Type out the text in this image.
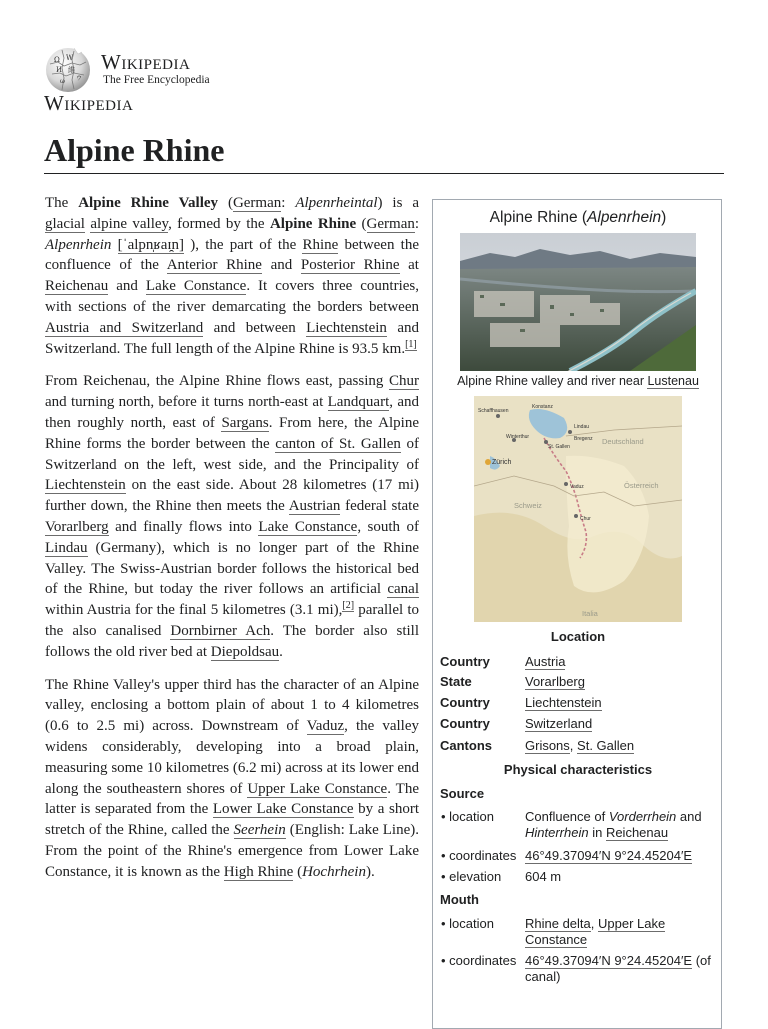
Ω W
И 維
ウ
ω
Wikipedia
The Free Encyclopedia
Wikipedia
Alpine Rhine

The Alpine Rhine Valley (German: Alpenrheintal) is a glacial alpine valley, formed by the Alpine Rhine (German: Alpenrhein [ˈalpn̩ʁaɪ̯n] ), the part of the Rhine between the confluence of the Anterior Rhine and Posterior Rhine at Reichenau and Lake Constance. It covers three countries, with sections of the river demarcating the borders between Austria and Switzerland and between Liechtenstein and Switzerland. The full length of the Alpine Rhine is 93.5 km.[1]

From Reichenau, the Alpine Rhine flows east, passing Chur and turning north, before it turns north-east at Landquart, and then roughly north, east of Sargans. From here, the Alpine Rhine forms the border between the canton of St. Gallen of Switzerland on the left, west side, and the Principality of Liechtenstein on the east side. About 28 kilometres (17 mi) further down, the Rhine then meets the Austrian federal state Vorarlberg and finally flows into Lake Constance, south of Lindau (Germany), which is no longer part of the Rhine Valley. The Swiss-Austrian border follows the historical bed of the Rhine, but today the river follows an artificial canal within Austria for the final 5 kilometres (3.1 mi),[2] parallel to the also canalised Dornbirner Ach. The border also still follows the old river bed at Diepoldsau.

The Rhine Valley's upper third has the character of an Alpine valley, enclosing a bottom plain of about 1 to 4 kilometres (0.6 to 2.5 mi) across. Downstream of Vaduz, the valley widens considerably, developing into a broad plain, measuring some 10 kilometres (6.2 mi) across at its lower end along the southeastern shores of Upper Lake Constance. The latter is separated from the Lower Lake Constance by a short stretch of the Rhine, called the Seerhein (English: Lake Line). From the point of the Rhine's emergence from Lower Lake Constance, it is known as the High Rhine (Hochrhein).

Alpine Rhine (Alpenrhein)
Alpine Rhine valley and river near Lustenau
Deutschland
Österreich
Schweiz
Italia
Zürich
Schaffhausen
Winterthur
Konstanz
St. Gallen
Lindau
Bregenz
Vaduz
Chur
Location
Country	Austria
State	Vorarlberg
Country	Liechtenstein
Country	Switzerland
Cantons	Grisons, St. Gallen
Physical characteristics
Source
• location Confluence of Vorderrhein and Hinterrhein in Reichenau
• coordinates 46°49.37094′N 9°24.45204′E
• elevation 604 m
Mouth
• location Rhine delta, Upper Lake Constance
• coordinates 46°49.37094′N 9°24.45204′E (of canal)
